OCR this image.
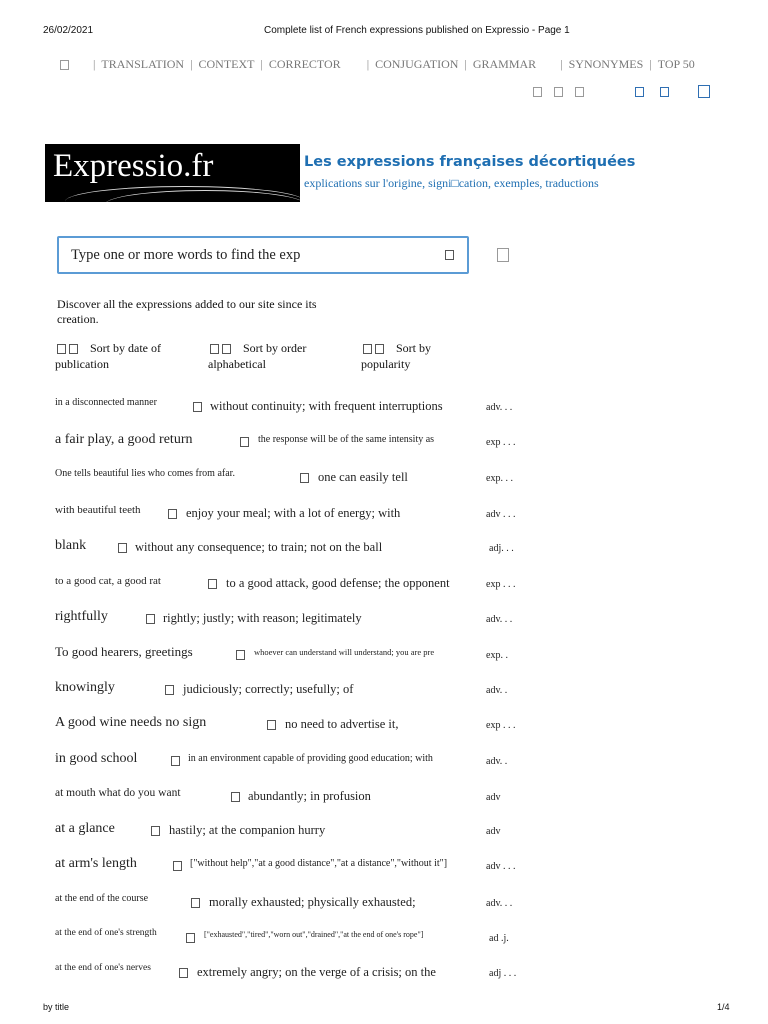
26/02/2021	Complete list of French expressions published on Expressio - Page 1
| TRANSLATION | CONTEXT | CORRECTOR | CONJUGATION | GRAMMAR | SYNONYMES | TOP 50
Expressio.fr	Les expressions françaises décortiquées
explications sur l'origine, signi□cation, exemples, traductions
Type one or more words to find the exp
Discover all the expressions added to our site since its creation.
Sort by date of
publication
Sort by order
alphabetical
Sort by
popularity
in a disconnected manner	without continuity; with frequent interruptions	adv. . .
a fair play, a good return	the response will be of the same intensity as	exp . . .
One tells beautiful lies who comes from afar.	one can easily tell	exp. . .
with beautiful teeth	enjoy your meal; with a lot of energy; with	adv . . .
blank	without any consequence; to train; not on the ball	adj. . .
to a good cat, a good rat	to a good attack, good defense; the opponent	exp . . .
rightfully	rightly; justly; with reason; legitimately	adv. . .
To good hearers, greetings	whoever can understand will understand; you are pre	exp. .
knowingly	judiciously; correctly; usefully; of	adv. .
A good wine needs no sign	no need to advertise it,	exp . . .
in good school	in an environment capable of providing good education; with	adv. .
at mouth what do you want	abundantly; in profusion	adv
at a glance	hastily; at the companion hurry	adv
at arm's length	["without help","at a good distance","at a distance","without it"]	adv . . .
at the end of the course	morally exhausted; physically exhausted;	adv. . .
at the end of one's strength	["exhausted","tired","worn out","drained","at the end of one's rope"]	ad .j.
at the end of one's nerves	extremely angry; on the verge of a crisis; on the	adj . . .
by title	1/4
